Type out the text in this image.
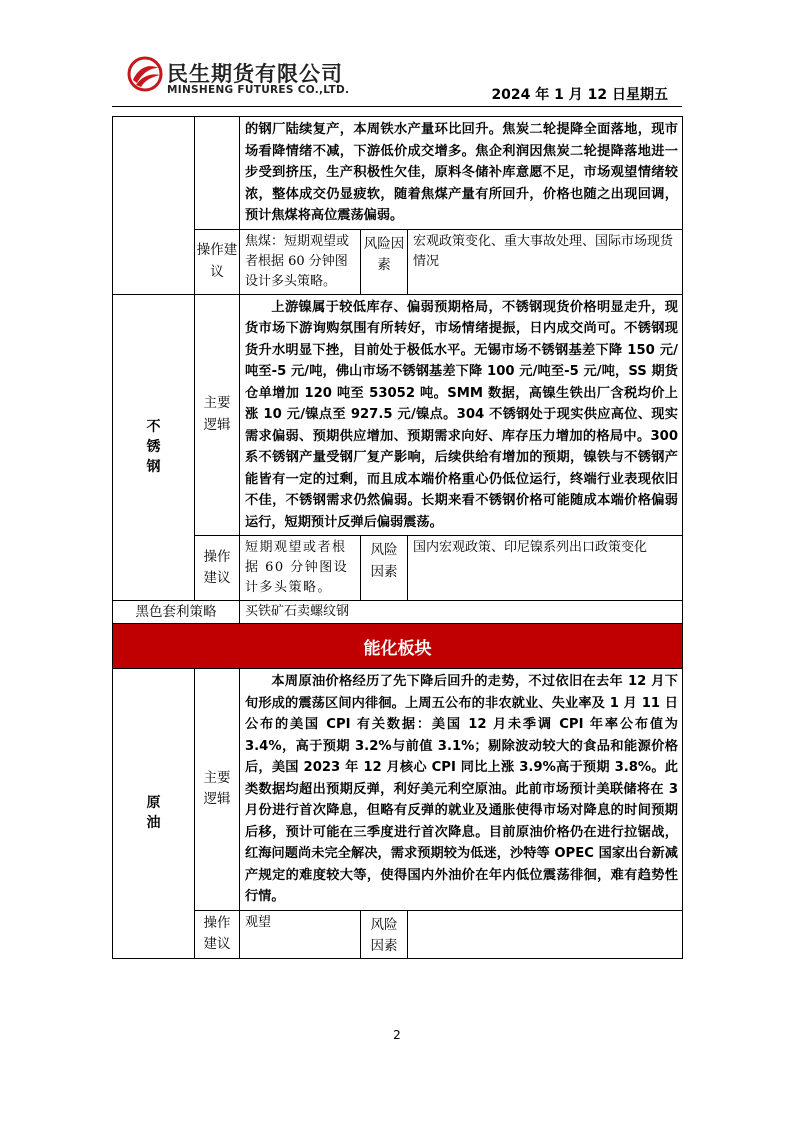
民生期货有限公司
MINSHENG FUTURES CO.,LTD.	2024 年 1 月 12 日星期五

		的钢厂陆续复产，本周铁水产量环比回升。焦炭二轮提降全面落地，现市场看降情绪不减，下游低价成交增多。焦企利润因焦炭二轮提降落地进一步受到挤压，生产积极性欠佳，原料冬储补库意愿不足，市场观望情绪较浓，整体成交仍显疲软，随着焦煤产量有所回升，价格也随之出现回调，预计焦煤将高位震荡偏弱。		

	操作建议	焦煤：短期观望或者根据 60 分钟图设计多头策略。	风险因素	宏观政策变化、重大事故处理、国际市场现货情况

不锈钢	主要逻辑	上游镍属于较低库存、偏弱预期格局，不锈钢现货价格明显走升，现货市场下游询购氛围有所转好，市场情绪提振，日内成交尚可。不锈钢现货升水明显下挫，目前处于极低水平。无锡市场不锈钢基差下降 150 元/吨至-5 元/吨，佛山市场不锈钢基差下降 100 元/吨至-5 元/吨，SS 期货仓单增加 120 吨至 53052 吨。SMM 数据，高镍生铁出厂含税均价上涨 10 元/镍点至 927.5 元/镍点。304 不锈钢处于现实供应高位、现实需求偏弱、预期供应增加、预期需求向好、库存压力增加的格局中。300 系不锈钢产量受钢厂复产影响，后续供给有增加的预期，镍铁与不锈钢产能皆有一定的过剩，而且成本端价格重心仍低位运行，终端行业表现依旧不佳，不锈钢需求仍然偏弱。长期来看不锈钢价格可能随成本端价格偏弱运行，短期预计反弹后偏弱震荡。		

	操作建议	短期观望或者根据 60 分钟图设计多头策略。	风险因素	国内宏观政策、印尼镍系列出口政策变化

黑色套利策略		买铁矿石卖螺纹钢		

能化板块				

原油	主要逻辑	本周原油价格经历了先下降后回升的走势，不过依旧在去年 12 月下旬形成的震荡区间内徘徊。上周五公布的非农就业、失业率及 1 月 11 日公布的美国 CPI 有关数据：美国 12 月未季调 CPI 年率公布值为 3.4%，高于预期 3.2%与前值 3.1%；剔除波动较大的食品和能源价格后，美国 2023 年 12 月核心 CPI 同比上涨 3.9%高于预期 3.8%。此类数据均超出预期反弹，利好美元利空原油。此前市场预计美联储将在 3 月份进行首次降息，但略有反弹的就业及通胀使得市场对降息的时间预期后移，预计可能在三季度进行首次降息。目前原油价格仍在进行拉锯战，红海问题尚未完全解决，需求预期较为低迷，沙特等 OPEC 国家出台新减产规定的难度较大等，使得国内外油价在年内低位震荡徘徊，难有趋势性行情。		

	操作建议	观望	风险因素	

2
